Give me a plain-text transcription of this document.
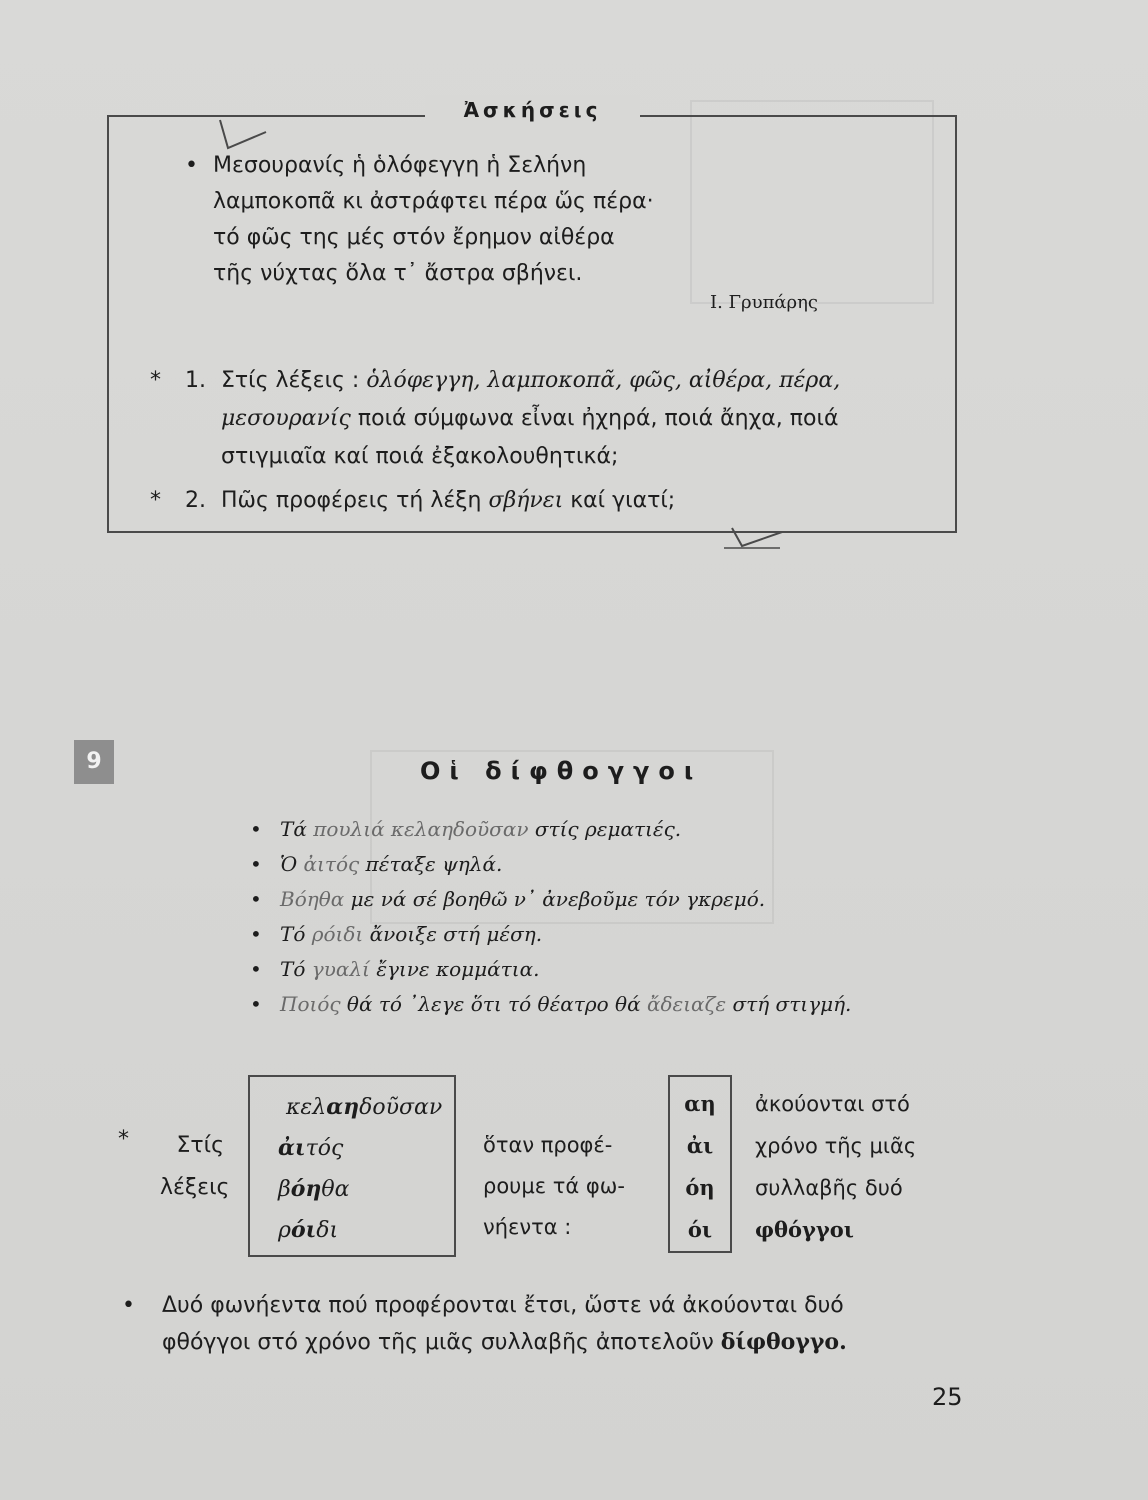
Ἀσκήσεις
• Μεσουρανίς ἡ ὁλόφεγγη ἡ Σελήνη
λαμποκοπᾶ κι ἀστράφτει πέρα ὥς πέρα·
τό φῶς της μές στόν ἔρημον αἰθέρα
τῆς νύχτας ὅλα τ᾽ ἄστρα σβήνει.
Ι. Γρυπάρης
* 1. Στίς λέξεις : ὁλόφεγγη, λαμποκοπᾶ, φῶς, αἰθέρα, πέρα,
μεσουρανίς ποιά σύμφωνα εἶναι ἠχηρά, ποιά ἄηχα, ποιά
στιγμιαῖα καί ποιά ἐξακολουθητικά;
* 2. Πῶς προφέρεις τή λέξη σβήνει καί γιατί;
9	Οἱ δίφθογγοι
• Τά πουλιά κελαηδοῦσαν στίς ρεματιές.
• Ὁ ἀιτός πέταξε ψηλά.
• Βόηθα με νά σέ βοηθῶ ν᾽ ἀνεβοῦμε τόν γκρεμό.
• Τό ρόιδι ἄνοιξε στή μέση.
• Τό γυαλί ἔγινε κομμάτια.
• Ποιός θά τό ᾽λεγε ὅτι τό θέατρο θά ἄδειαζε στή στιγμή.
*	Στίς
λέξεις
κελαηδοῦσαν
ἀιτός
βόηθα
ρόιδι
ὅταν προφέ-
ρουμε τά φω-
νήεντα :
αη
ἀι
όη
όι
ἀκούονται στό
χρόνο τῆς μιᾶς
συλλαβῆς δυό
φθόγγοι
• Δυό φωνήεντα πού προφέρονται ἔτσι, ὥστε νά ἀκούονται δυό
φθόγγοι στό χρόνο τῆς μιᾶς συλλαβῆς ἀποτελοῦν δίφθογγο.
25
